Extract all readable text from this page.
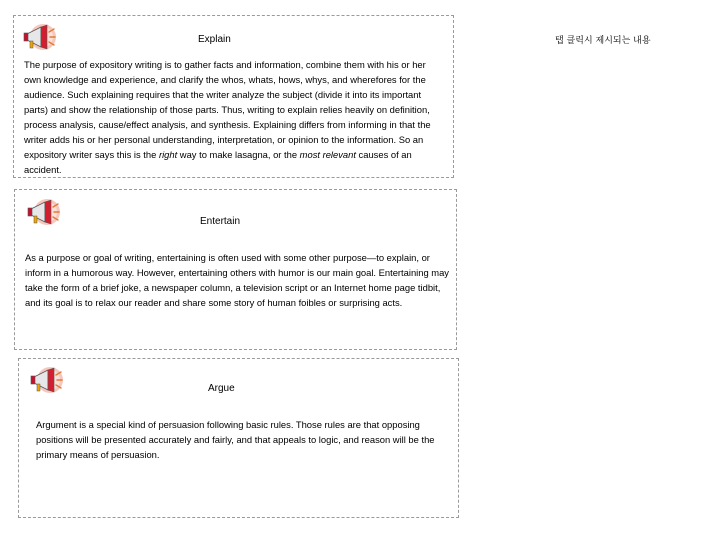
Explain

The purpose of expository writing is to gather facts and information, combine them with his or her own knowledge and experience, and clarify the whos, whats, hows, whys, and wherefores for the audience. Such explaining requires that the writer analyze the subject (divide it into its important parts) and show the relationship of those parts. Thus, writing to explain relies heavily on definition, process analysis, cause/effect analysis, and synthesis. Explaining differs from informing in that the writer adds his or her personal understanding, interpretation, or opinion to the information. So an expository writer says this is the right way to make lasagna, or the most relevant causes of an accident.

Entertain

As a purpose or goal of writing, entertaining is often used with some other purpose—to explain, or inform in a humorous way. However, entertaining others with humor is our main goal. Entertaining may take the form of a brief joke, a newspaper column, a television script or an Internet home page tidbit, and its goal is to relax our reader and share some story of human foibles or surprising acts.

Argue

Argument is a special kind of persuasion following basic rules. Those rules are that opposing positions will be presented accurately and fairly, and that appeals to logic, and reason will be the primary means of persuasion.

탭 클릭시 제시되는 내용
